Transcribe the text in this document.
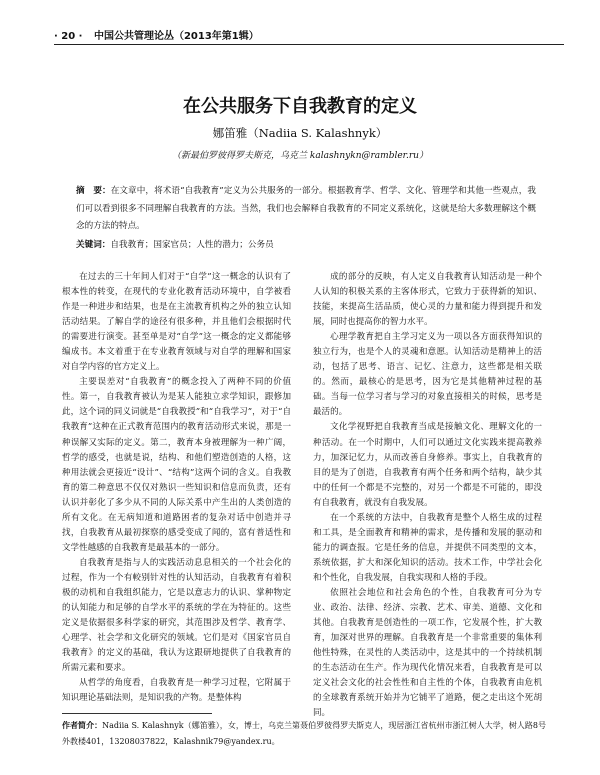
· 20 · 中国公共管理论丛（2013年第1辑）
在公共服务下自我教育的定义
娜笛雅（Nadiia S. Kalashnyk）
（新最伯罗彼得罗夫斯克，乌克兰 kalashnykn@rambler.ru）
摘　要：在文章中，将术语“自我教育”定义为公共服务的一部分。根据教育学、哲学、文化、管理学和其他一些观点，我们可以看到很多不同理解自我教育的方法。当然，我们也会解释自我教育的不同定义系统化，这就是给大多数理解这个概念的方法的特点。
关键词：自我教育；国家官员；人性的潜力；公务员

在过去的三十年间人们对于“自学”这一概念的认识有了根本性的转变，在现代的专业化教育活动环境中，自学被看作是一种进步和结果，也是在主流教育机构之外的独立认知活动结果。了解自学的途径有很多种，并且他们会根据时代的需要进行演变。甚至单是对“自学”这一概念的定义都能够编成书。本文着重于在专业教育领域与对自学的理解和国家对自学内容的官方定义上。

主要误差对“自我教育”的概念投入了两种不同的价值性。第一，自我教育被认为是某人能独立求学知识，跟修加此，这个词的同义词就是“自我教授”和“自我学习”，对于“自我教育”这种在正式教育范围内的教育活动形式来说，那是一种误解又实际的定义。第二，教育本身被理解为一种广阔，哲学的感受，也就是说，结构、和他们塑造创造的人格，这种用法就会更接近“设计”、“结构”这两个词的含义。自我教育的第二种意思不仅仅对熟识一些知识和信息而负责，还有认识并彰化了多少从不同的人际关系中产生出的人类创造的所有文化。在无病知道和道路困者的复杂对话中创造并寻找，自我教育从最初探察的感受变成了闻的，富有普适性和文学性越感的自我教育是最基本的一部分。

自我教育是指与人的实践活动息息相关的一个社会化的过程，作为一个有較别针对性的认知活动，自我教育有着积极的动机和自我组织能力，它是以意志力的认识、掌种物定的认知能力和足够的自学水平的系统的学在为特征的。这些定义是依据很多科学家的研究，其范围涉及哲学、教育学、心理学、社会学和文化研究的领域。它们是对《国家官员自我教育》的定义的基础，我认为这跟研地提供了自我教育的所需元素和要求。

从哲学的角度看，自我教育是一种学习过程，它附属于知识理论基础法则，是知识我的产物。是整体构

成的部分的反映，有人定义自我教育认知活动是一种个人认知的积极关系的主客体形式，它致力于获得新的知识、技能，来提高生活品质，使心灵的力量和能力得到提升和发展，同时也提高你的智力水平。

心理学教育把自主学习定义为一项以各方面获得知识的独立行为，也是个人的灵魂和意愿。认知活动是精神上的活动，包括了思考、语言、记忆、注意力，这些都是相关联的。然而，最核心的是思考，因为它是其他精神过程的基础。当每一位学习者与学习的对象直接相关的时候，思考是最活的。

文化学视野把自我教育当成是接触文化、理解文化的一种活动。在一个时期中，人们可以通过文化实践来提高教养力，加深记忆力，从而改善自身修养。事实上，自我教育的目的是为了创造，自我教育有两个任务和两个结构，缺少其中的任何一个都是不完整的，对另一个都是不可能的，即没有自我教育，就没有自我发展。

在一个系统的方法中，自我教育是整个人格生成的过程和工具，是全面教育和精神的需求，是传播和发展的驱动和能力的调查报。它是任务的信息，并提供不同类型的文本，系统依据，扩大和深化知识的活动。技术工作，中学社会化和个性化，自我发展，自我实现和人格的手段。

依照社会地位和社会角色的个性，自我教育可分为专业、政治、法律、经济、宗教、艺术、审美、道德、文化和其他。自我教育是创造性的一项工作，它发展个性，扩大教育，加深对世界的理解。自我教育是一个非常重要的集体利他性特殊，在灵性的人类活动中，这是其中的一个持续机制的生态活动在生产。作为现代化情况来看，自我教育是可以定义社会文化的社会性性和自主性的个体，自我教育由危机的全球教育系统开始并为它铺平了道路，便之走出这个死胡同。

作者简介：Nadiia S. Kalashnyk（娜笛雅），女，博士，乌克兰第聂伯罗彼得罗夫斯克人，现居浙江省杭州市浙江树人大学，树人路8号外教楼401，13208037822，Kalashnik79@yandex.ru。
